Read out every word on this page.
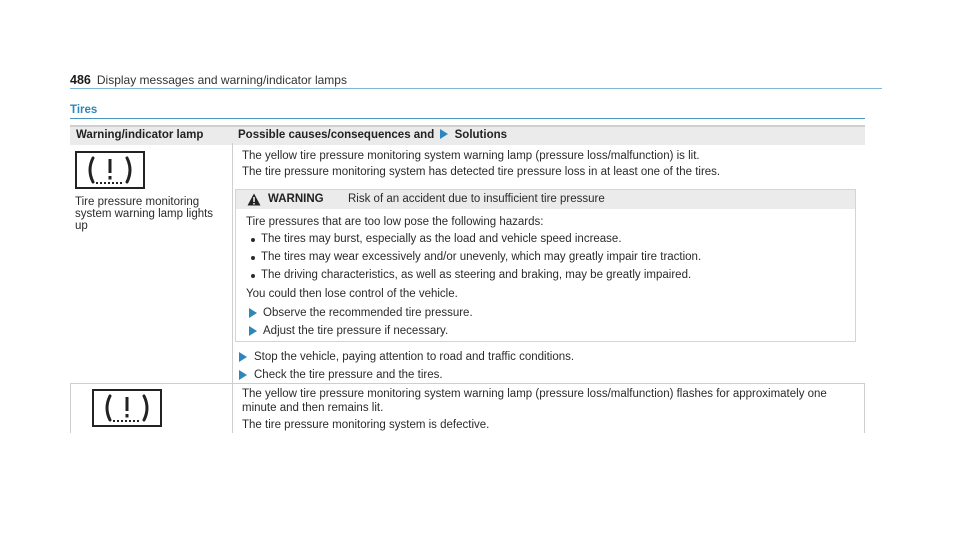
486 Display messages and warning/indicator lamps
Tires
Warning/indicator lamp	Possible causes/consequences and Solutions
Tire pressure monitoring system warning lamp lights up
The yellow tire pressure monitoring system warning lamp (pressure loss/malfunction) is lit.
The tire pressure monitoring system has detected tire pressure loss in at least one of the tires.
WARNING Risk of an accident due to insufficient tire pressure
Tire pressures that are too low pose the following hazards:
The tires may burst, especially as the load and vehicle speed increase.
The tires may wear excessively and/or unevenly, which may greatly impair tire traction.
The driving characteristics, as well as steering and braking, may be greatly impaired.
You could then lose control of the vehicle.
Observe the recommended tire pressure.
Adjust the tire pressure if necessary.
Stop the vehicle, paying attention to road and traffic conditions.
Check the tire pressure and the tires.
The yellow tire pressure monitoring system warning lamp (pressure loss/malfunction) flashes for approximately one
minute and then remains lit.
The tire pressure monitoring system is defective.
